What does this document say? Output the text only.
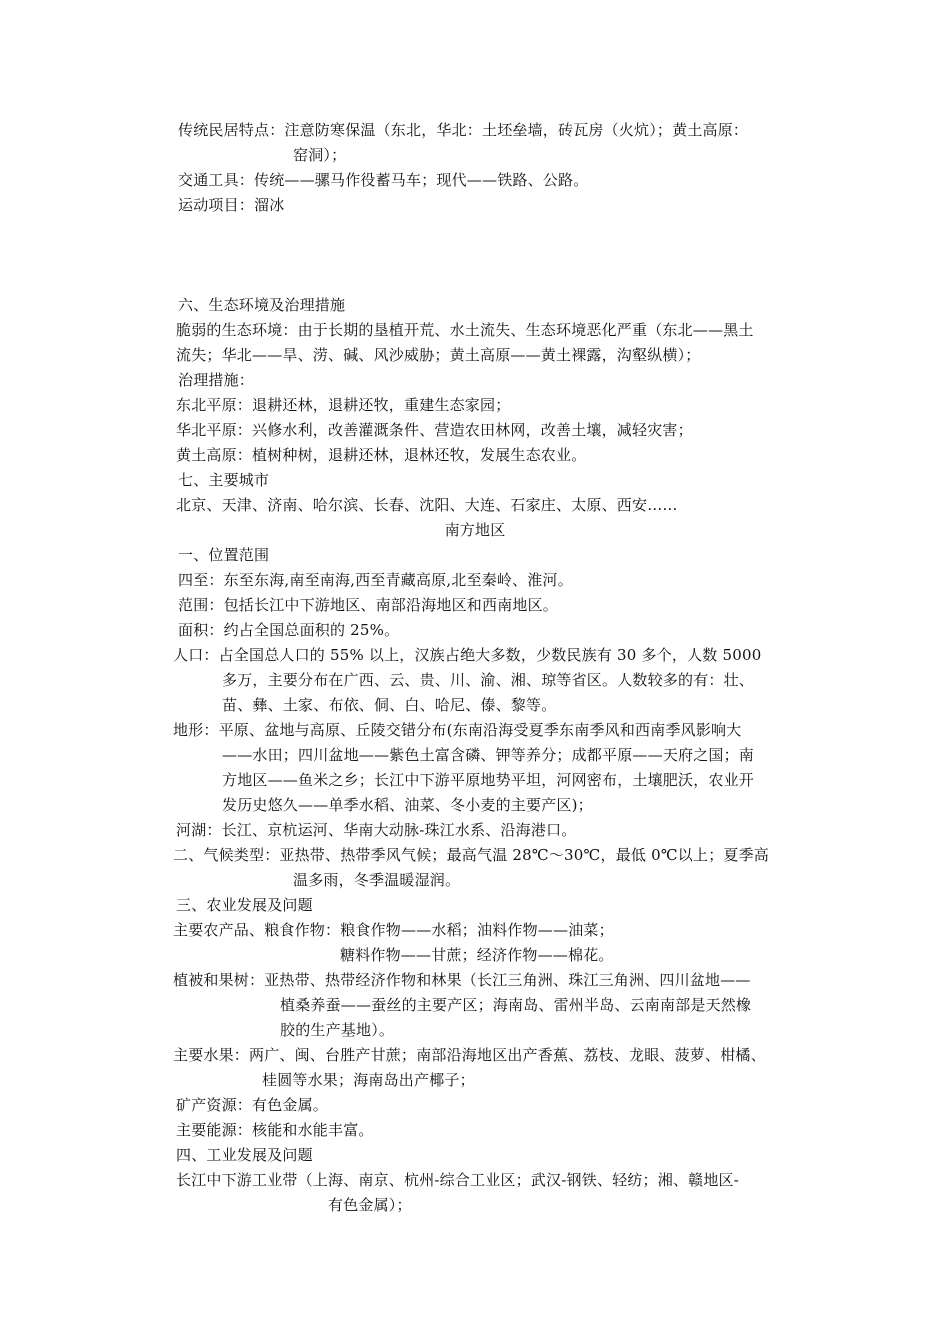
传统民居特点：注意防寒保温（东北，华北：土坯垒墙，砖瓦房（火炕）；黄土高原：
窑洞）；
交通工具：传统——骡马作役蓄马车；现代——铁路、公路。
运动项目：溜冰
六、生态环境及治理措施
脆弱的生态环境：由于长期的垦植开荒、水土流失、生态环境恶化严重（东北——黑土
流失；华北——旱、涝、碱、风沙威胁；黄土高原——黄土裸露，沟壑纵横）；
治理措施：
东北平原：退耕还林，退耕还牧，重建生态家园；
华北平原：兴修水利，改善灌溉条件、营造农田林网，改善土壤，减轻灾害；
黄土高原：植树种树，退耕还林，退林还牧，发展生态农业。
七、主要城市
北京、天津、济南、哈尔滨、长春、沈阳、大连、石家庄、太原、西安……
南方地区
一、位置范围
四至：东至东海,南至南海,西至青藏高原,北至秦岭、淮河。
范围：包括长江中下游地区、南部沿海地区和西南地区。
面积：约占全国总面积的 25%。
人口：占全国总人口的 55% 以上，汉族占绝大多数，少数民族有 30 多个，人数 5000
多万，主要分布在广西、云、贵、川、渝、湘、琼等省区。人数较多的有：壮、
苗、彝、土家、布依、侗、白、哈尼、傣、黎等。
地形：平原、盆地与高原、丘陵交错分布(东南沿海受夏季东南季风和西南季风影响大
——水田；四川盆地——紫色土富含磷、钾等养分；成都平原——天府之国；南
方地区——鱼米之乡；长江中下游平原地势平坦，河网密布，土壤肥沃，农业开
发历史悠久——单季水稻、油菜、冬小麦的主要产区)；
河湖：长江、京杭运河、华南大动脉-珠江水系、沿海港口。
二、气候类型：亚热带、热带季风气候；最高气温 28℃～30℃，最低 0℃以上；夏季高
温多雨，冬季温暖湿润。
三、农业发展及问题
主要农产品、粮食作物：粮食作物——水稻；油料作物——油菜；
糖料作物——甘蔗；经济作物——棉花。
植被和果树：亚热带、热带经济作物和林果（长江三角洲、珠江三角洲、四川盆地——
植桑养蚕——蚕丝的主要产区；海南岛、雷州半岛、云南南部是天然橡
胶的生产基地）。
主要水果：两广、闽、台胜产甘蔗；南部沿海地区出产香蕉、荔枝、龙眼、菠萝、柑橘、
桂圆等水果；海南岛出产椰子；
矿产资源：有色金属。
主要能源：核能和水能丰富。
四、工业发展及问题
长江中下游工业带（上海、南京、杭州-综合工业区；武汉-钢铁、轻纺；湘、赣地区-
有色金属）；
